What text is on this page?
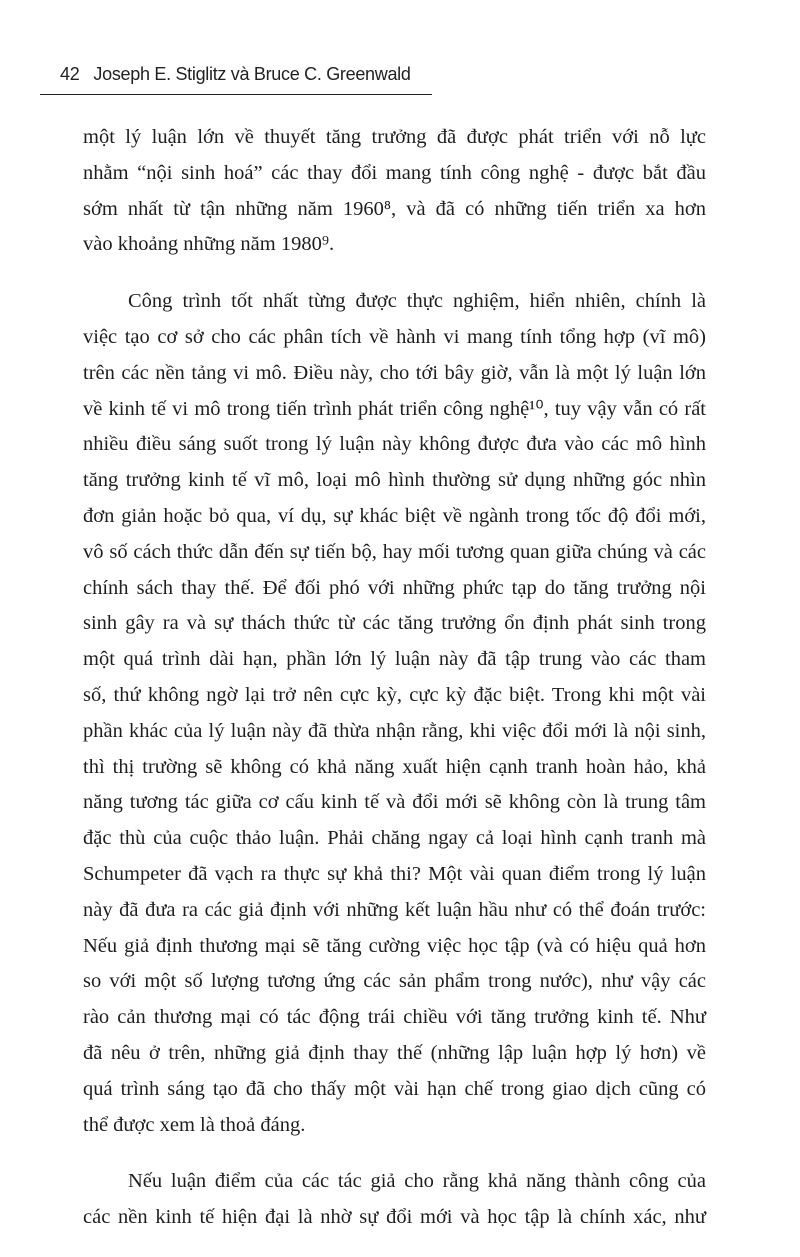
42 Joseph E. Stiglitz và Bruce C. Greenwald
một lý luận lớn về thuyết tăng trưởng đã được phát triển với nỗ lực
nhằm “nội sinh hoá” các thay đổi mang tính công nghệ - được bắt đầu
sớm nhất từ tận những năm 1960⁸, và đã có những tiến triển xa hơn
vào khoảng những năm 1980⁹.
Công trình tốt nhất từng được thực nghiệm, hiển nhiên, chính là
việc tạo cơ sở cho các phân tích về hành vi mang tính tổng hợp (vĩ mô)
trên các nền tảng vi mô. Điều này, cho tới bây giờ, vẫn là một lý luận lớn
về kinh tế vi mô trong tiến trình phát triển công nghệ¹⁰, tuy vậy vẫn có rất
nhiều điều sáng suốt trong lý luận này không được đưa vào các mô hình
tăng trưởng kinh tế vĩ mô, loại mô hình thường sử dụng những góc nhìn
đơn giản hoặc bỏ qua, ví dụ, sự khác biệt về ngành trong tốc độ đổi mới,
vô số cách thức dẫn đến sự tiến bộ, hay mối tương quan giữa chúng và các
chính sách thay thế. Để đối phó với những phức tạp do tăng trưởng nội
sinh gây ra và sự thách thức từ các tăng trưởng ổn định phát sinh trong
một quá trình dài hạn, phần lớn lý luận này đã tập trung vào các tham
số, thứ không ngờ lại trở nên cực kỳ, cực kỳ đặc biệt. Trong khi một vài
phần khác của lý luận này đã thừa nhận rằng, khi việc đổi mới là nội sinh,
thì thị trường sẽ không có khả năng xuất hiện cạnh tranh hoàn hảo, khả
năng tương tác giữa cơ cấu kinh tế và đổi mới sẽ không còn là trung tâm
đặc thù của cuộc thảo luận. Phải chăng ngay cả loại hình cạnh tranh mà
Schumpeter đã vạch ra thực sự khả thi? Một vài quan điểm trong lý luận
này đã đưa ra các giả định với những kết luận hầu như có thể đoán trước:
Nếu giả định thương mại sẽ tăng cường việc học tập (và có hiệu quả hơn
so với một số lượng tương ứng các sản phẩm trong nước), như vậy các
rào cản thương mại có tác động trái chiều với tăng trưởng kinh tế. Như
đã nêu ở trên, những giả định thay thế (những lập luận hợp lý hơn) về
quá trình sáng tạo đã cho thấy một vài hạn chế trong giao dịch cũng có
thể được xem là thoả đáng.
Nếu luận điểm của các tác giả cho rằng khả năng thành công của
các nền kinh tế hiện đại là nhờ sự đổi mới và học tập là chính xác, như
